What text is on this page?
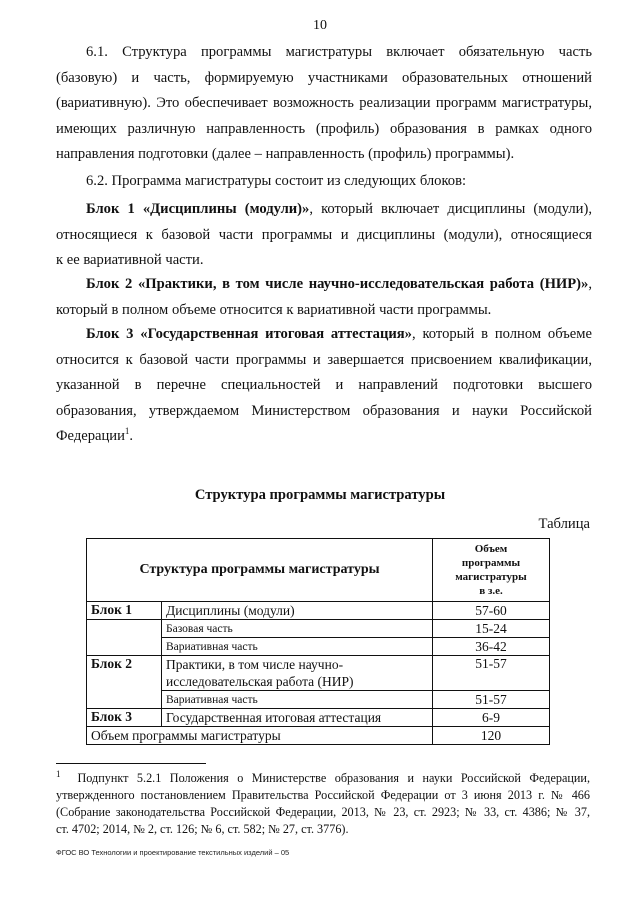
10
6.1. Структура программы магистратуры включает обязательную часть
(базовую) и часть, формируемую участниками образовательных отношений
(вариативную). Это обеспечивает возможность реализации программ магистратуры,
имеющих различную направленность (профиль) образования в рамках одного
направления подготовки (далее – направленность (профиль) программы).
6.2. Программа магистратуры состоит из следующих блоков:
Блок 1 «Дисциплины (модули)», который включает дисциплины (модули),
относящиеся к базовой части программы и дисциплины (модули), относящиеся
к ее вариативной части.
Блок 2 «Практики, в том числе научно-исследовательская работа (НИР)»,
который в полном объеме относится к вариативной части программы.
Блок 3 «Государственная итоговая аттестация», который в полном объеме
относится к базовой части программы и завершается присвоением квалификации,
указанной в перечне специальностей и направлений подготовки высшего
образования, утверждаемом Министерством образования и науки Российской
Федерации$^1$.
Структура программы магистратуры
Таблица
Структура программы магистратуры		Объем
программы
магистратуры
в з.е.
Блок 1	Дисциплины (модули)	57-60
	Базовая часть	15-24
	Вариативная часть	36-42
Блок 2	Практики, в том числе научно-
исследовательская работа (НИР)	51-57
	Вариативная часть	51-57
Блок 3	Государственная итоговая аттестация	6-9
Объем программы магистратуры		120
$^1$ Подпункт 5.2.1 Положения о Министерстве образования и науки Российской Федерации,
утвержденного постановлением Правительства Российской Федерации от 3 июня 2013 г. № 466
(Собрание законодательства Российской Федерации, 2013, № 23, ст. 2923; № 33, ст. 4386; № 37,
ст. 4702; 2014, № 2, ст. 126; № 6, ст. 582; № 27, ст. 3776).
ФГОС ВО Технологии и проектирование текстильных изделий – 05
